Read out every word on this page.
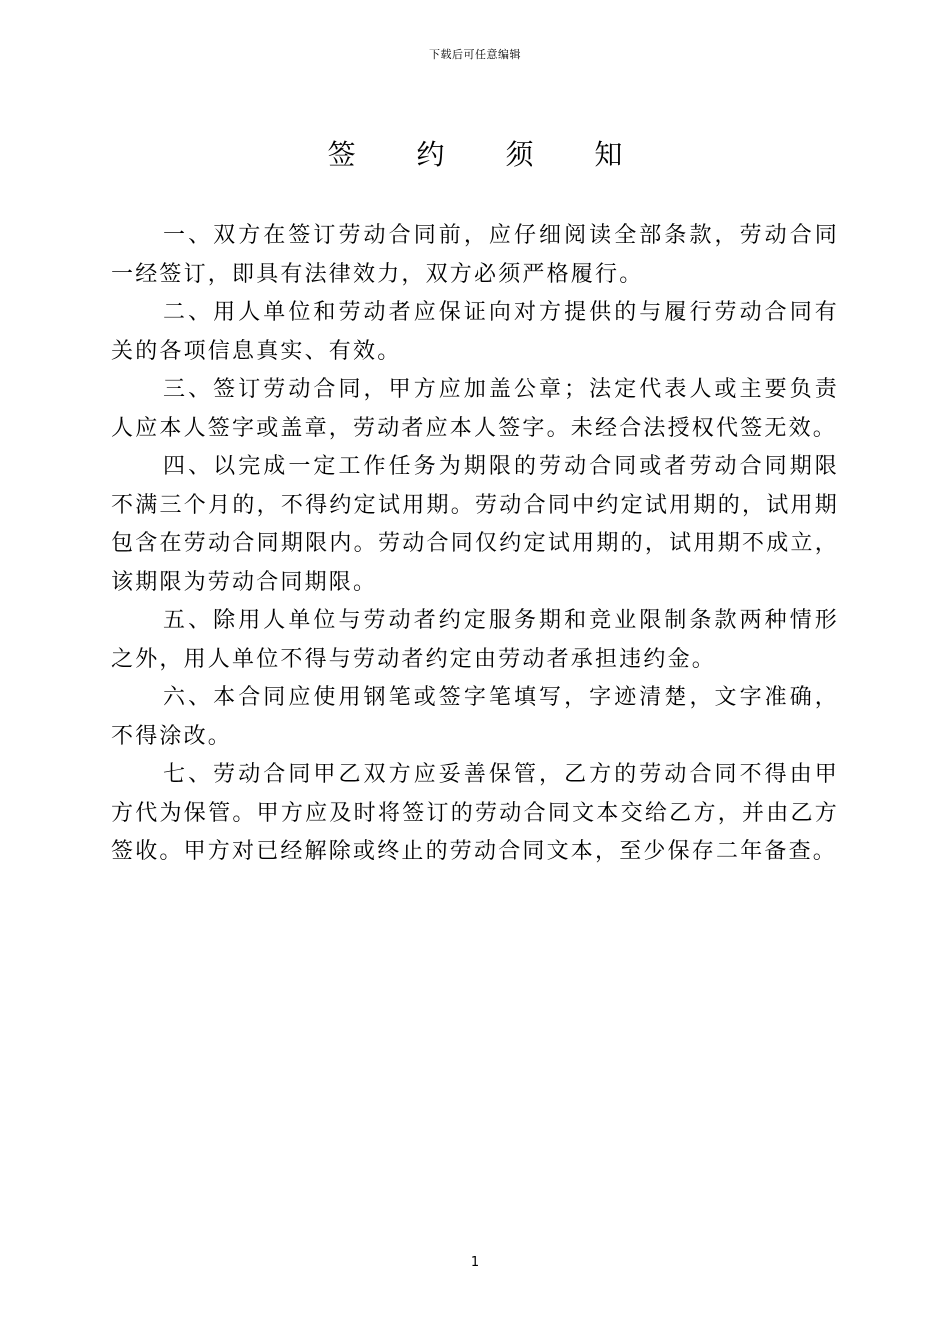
下载后可任意编辑
签 约 须 知

一、双方在签订劳动合同前，应仔细阅读全部条款，劳动合同一经签订，即具有法律效力，双方必须严格履行。

二、用人单位和劳动者应保证向对方提供的与履行劳动合同有关的各项信息真实、有效。

三、签订劳动合同，甲方应加盖公章；法定代表人或主要负责人应本人签字或盖章，劳动者应本人签字。未经合法授权代签无效。

四、以完成一定工作任务为期限的劳动合同或者劳动合同期限不满三个月的，不得约定试用期。劳动合同中约定试用期的，试用期包含在劳动合同期限内。劳动合同仅约定试用期的，试用期不成立，该期限为劳动合同期限。

五、除用人单位与劳动者约定服务期和竞业限制条款两种情形之外，用人单位不得与劳动者约定由劳动者承担违约金。

六、本合同应使用钢笔或签字笔填写，字迹清楚，文字准确，不得涂改。

七、劳动合同甲乙双方应妥善保管，乙方的劳动合同不得由甲方代为保管。甲方应及时将签订的劳动合同文本交给乙方，并由乙方签收。甲方对已经解除或终止的劳动合同文本，至少保存二年备查。

1
